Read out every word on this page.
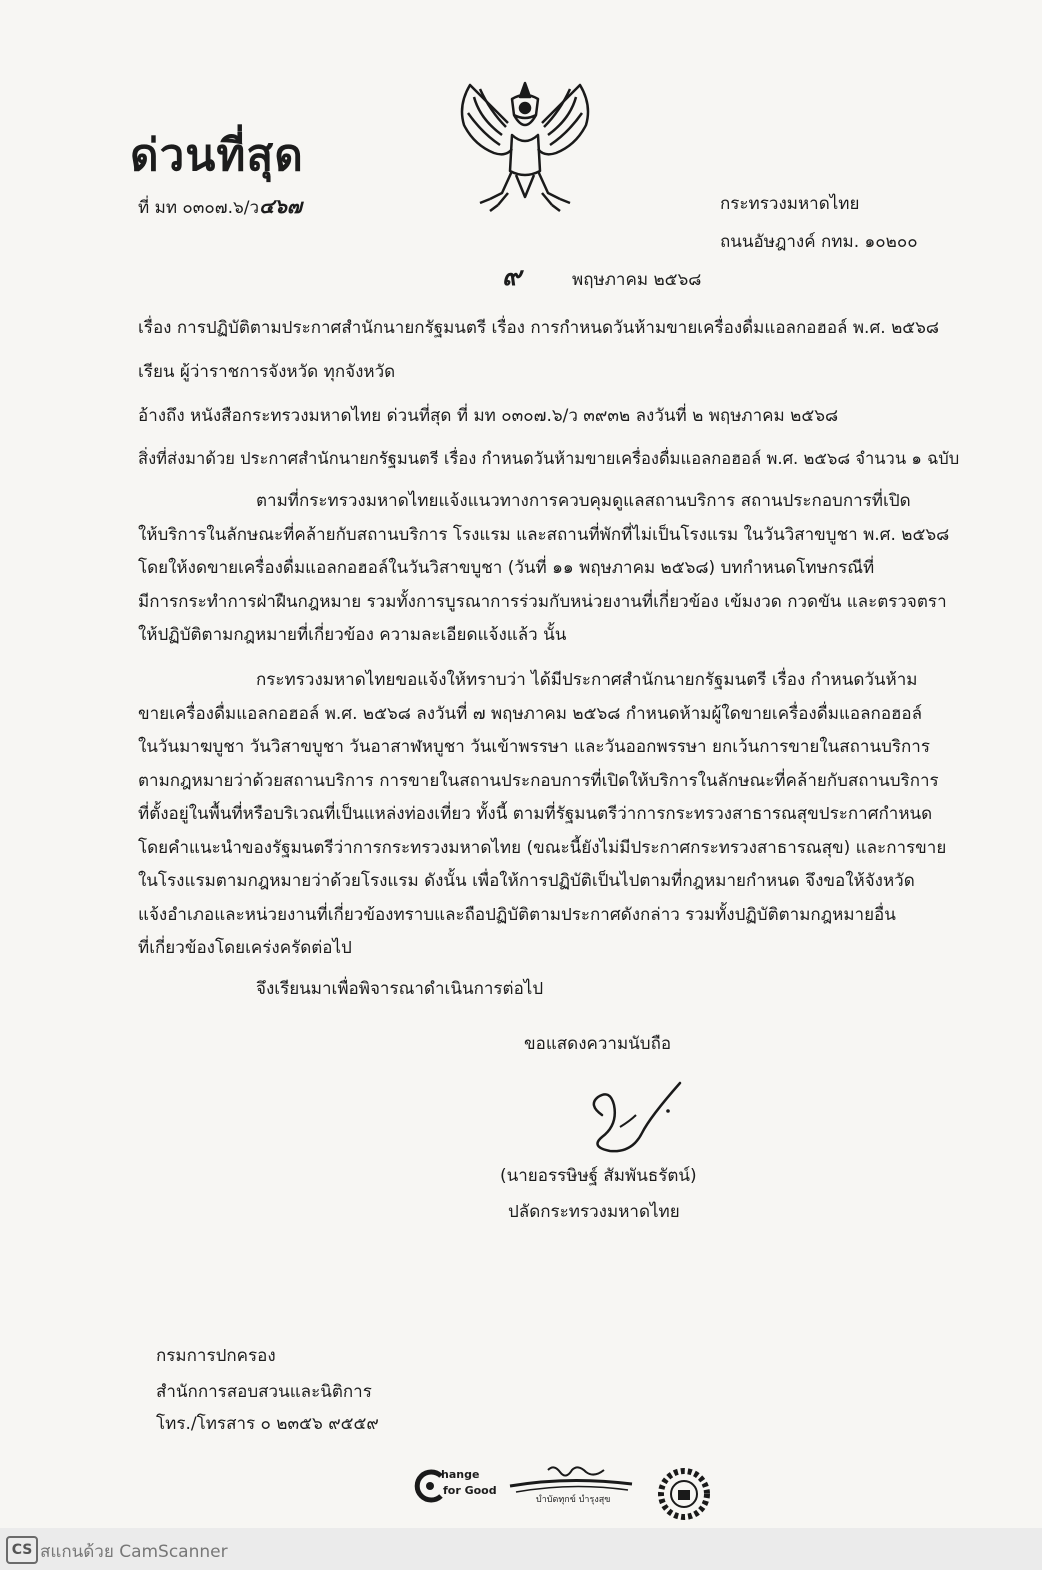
ด่วนที่สุด
ที่ มท ๐๓๐๗.๖/ว๔๖๗	กระทรวงมหาดไทย
ถนนอัษฎางค์ กทม. ๑๐๒๐๐
๙	พฤษภาคม ๒๕๖๘
เรื่อง การปฏิบัติตามประกาศสำนักนายกรัฐมนตรี เรื่อง การกำหนดวันห้ามขายเครื่องดื่มแอลกอฮอล์ พ.ศ. ๒๕๖๘
เรียน ผู้ว่าราชการจังหวัด ทุกจังหวัด
อ้างถึง หนังสือกระทรวงมหาดไทย ด่วนที่สุด ที่ มท ๐๓๐๗.๖/ว ๓๙๓๒ ลงวันที่ ๒ พฤษภาคม ๒๕๖๘
สิ่งที่ส่งมาด้วย ประกาศสำนักนายกรัฐมนตรี เรื่อง กำหนดวันห้ามขายเครื่องดื่มแอลกอฮอล์ พ.ศ. ๒๕๖๘ จำนวน ๑ ฉบับ
ตามที่กระทรวงมหาดไทยแจ้งแนวทางการควบคุมดูแลสถานบริการ สถานประกอบการที่เปิด
ให้บริการในลักษณะที่คล้ายกับสถานบริการ โรงแรม และสถานที่พักที่ไม่เป็นโรงแรม ในวันวิสาขบูชา พ.ศ. ๒๕๖๘
โดยให้งดขายเครื่องดื่มแอลกอฮอล์ในวันวิสาขบูชา (วันที่ ๑๑ พฤษภาคม ๒๕๖๘) บทกำหนดโทษกรณีที่
มีการกระทำการฝ่าฝืนกฎหมาย รวมทั้งการบูรณาการร่วมกับหน่วยงานที่เกี่ยวข้อง เข้มงวด กวดขัน และตรวจตรา
ให้ปฏิบัติตามกฎหมายที่เกี่ยวข้อง ความละเอียดแจ้งแล้ว นั้น
กระทรวงมหาดไทยขอแจ้งให้ทราบว่า ได้มีประกาศสำนักนายกรัฐมนตรี เรื่อง กำหนดวันห้าม
ขายเครื่องดื่มแอลกอฮอล์ พ.ศ. ๒๕๖๘ ลงวันที่ ๗ พฤษภาคม ๒๕๖๘ กำหนดห้ามผู้ใดขายเครื่องดื่มแอลกอฮอล์
ในวันมาฆบูชา วันวิสาขบูชา วันอาสาฬหบูชา วันเข้าพรรษา และวันออกพรรษา ยกเว้นการขายในสถานบริการ
ตามกฎหมายว่าด้วยสถานบริการ การขายในสถานประกอบการที่เปิดให้บริการในลักษณะที่คล้ายกับสถานบริการ
ที่ตั้งอยู่ในพื้นที่หรือบริเวณที่เป็นแหล่งท่องเที่ยว ทั้งนี้ ตามที่รัฐมนตรีว่าการกระทรวงสาธารณสุขประกาศกำหนด
โดยคำแนะนำของรัฐมนตรีว่าการกระทรวงมหาดไทย (ขณะนี้ยังไม่มีประกาศกระทรวงสาธารณสุข) และการขาย
ในโรงแรมตามกฎหมายว่าด้วยโรงแรม ดังนั้น เพื่อให้การปฏิบัติเป็นไปตามที่กฎหมายกำหนด จึงขอให้จังหวัด
แจ้งอำเภอและหน่วยงานที่เกี่ยวข้องทราบและถือปฏิบัติตามประกาศดังกล่าว รวมทั้งปฏิบัติตามกฎหมายอื่น
ที่เกี่ยวข้องโดยเคร่งครัดต่อไป
จึงเรียนมาเพื่อพิจารณาดำเนินการต่อไป
ขอแสดงความนับถือ
(นายอรรษิษฐ์ สัมพันธรัตน์)
ปลัดกระทรวงมหาดไทย
กรมการปกครอง
สำนักการสอบสวนและนิติการ
โทร./โทรสาร ๐ ๒๓๕๖ ๙๕๕๙
hange
for Good
บำบัดทุกข์ บำรุงสุข
CS สแกนด้วย CamScanner
